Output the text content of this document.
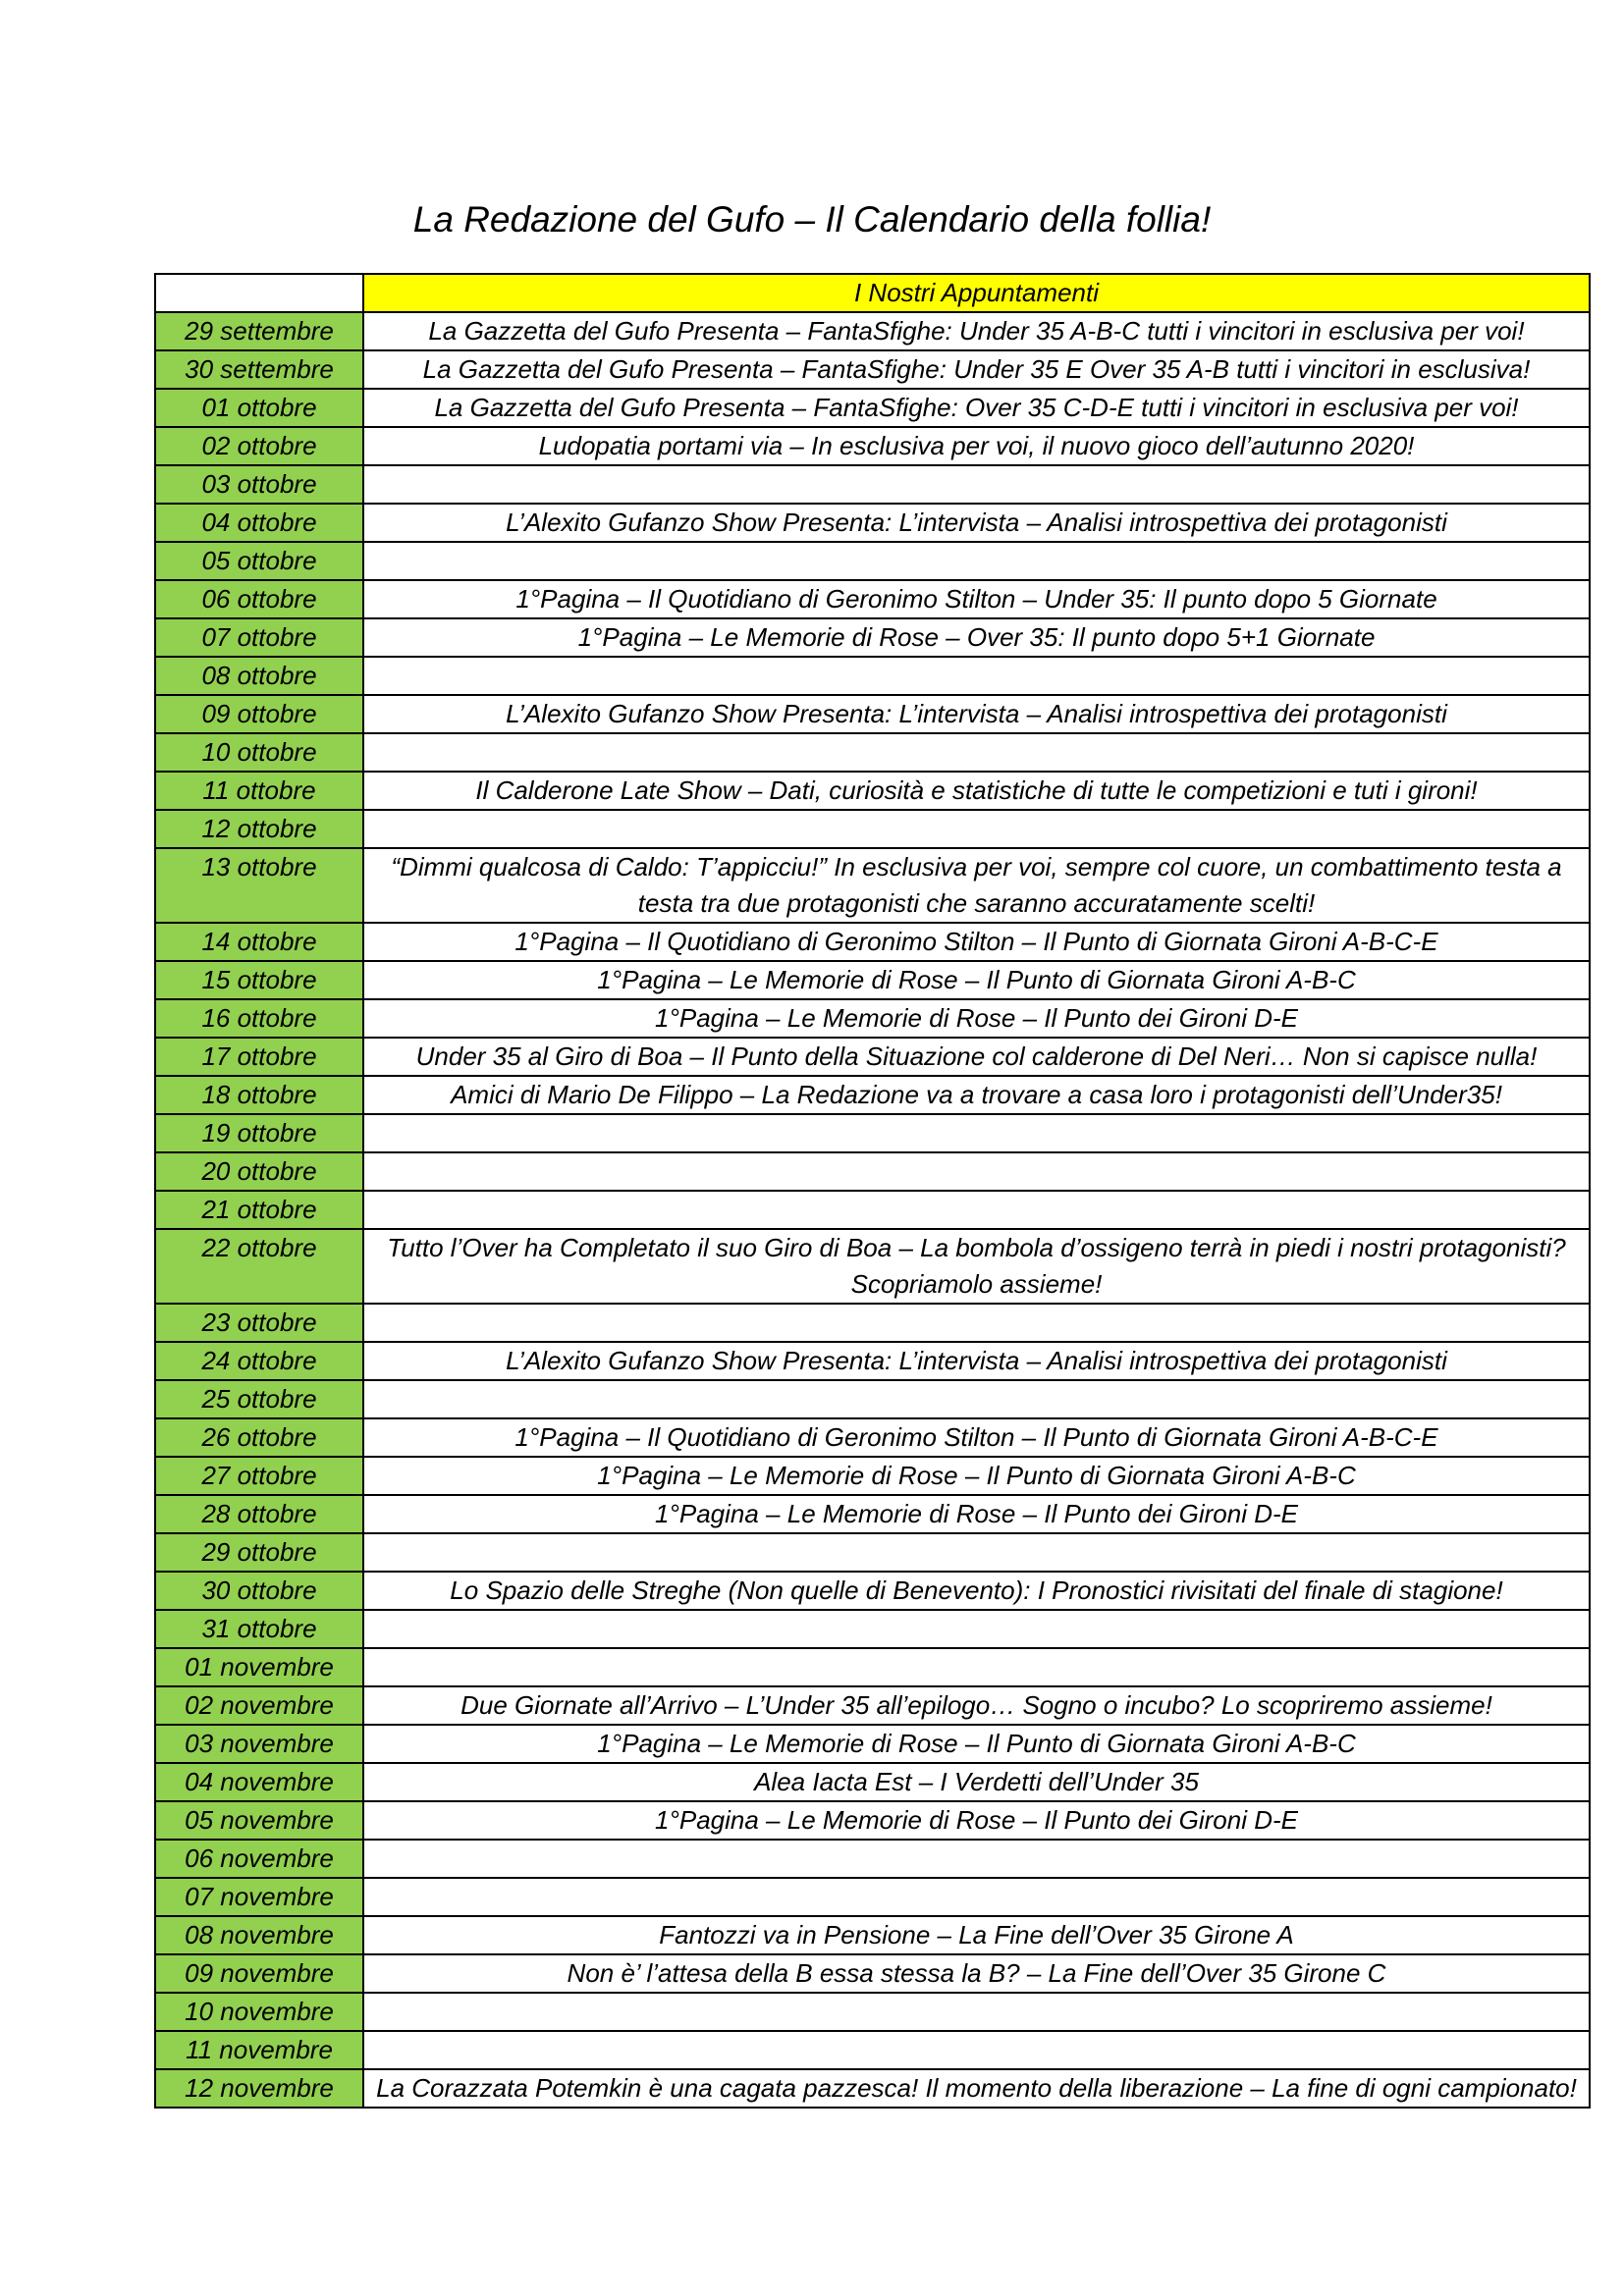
La Redazione del Gufo – Il Calendario della follia!
	I Nostri Appuntamenti
29 settembre	La Gazzetta del Gufo Presenta – FantaSfighe: Under 35 A-B-C tutti i vincitori in esclusiva per voi!
30 settembre	La Gazzetta del Gufo Presenta – FantaSfighe: Under 35 E Over 35 A-B tutti i vincitori in esclusiva!
01 ottobre	La Gazzetta del Gufo Presenta – FantaSfighe: Over 35 C-D-E tutti i vincitori in esclusiva per voi!
02 ottobre	Ludopatia portami via – In esclusiva per voi, il nuovo gioco dell’autunno 2020!
03 ottobre	
04 ottobre	L’Alexito Gufanzo Show Presenta: L’intervista – Analisi introspettiva dei protagonisti
05 ottobre	
06 ottobre	1°Pagina – Il Quotidiano di Geronimo Stilton – Under 35: Il punto dopo 5 Giornate
07 ottobre	1°Pagina – Le Memorie di Rose – Over 35: Il punto dopo 5+1 Giornate
08 ottobre	
09 ottobre	L’Alexito Gufanzo Show Presenta: L’intervista – Analisi introspettiva dei protagonisti
10 ottobre	
11 ottobre	Il Calderone Late Show – Dati, curiosità e statistiche di tutte le competizioni e tuti i gironi!
12 ottobre	
13 ottobre	“Dimmi qualcosa di Caldo: T’appicciu!” In esclusiva per voi, sempre col cuore, un combattimento testa a testa tra due protagonisti che saranno accuratamente scelti!
14 ottobre	1°Pagina – Il Quotidiano di Geronimo Stilton – Il Punto di Giornata Gironi A-B-C-E
15 ottobre	1°Pagina – Le Memorie di Rose – Il Punto di Giornata Gironi A-B-C
16 ottobre	1°Pagina – Le Memorie di Rose – Il Punto dei Gironi D-E
17 ottobre	Under 35 al Giro di Boa – Il Punto della Situazione col calderone di Del Neri… Non si capisce nulla!
18 ottobre	Amici di Mario De Filippo – La Redazione va a trovare a casa loro i protagonisti dell’Under35!
19 ottobre	
20 ottobre	
21 ottobre	
22 ottobre	Tutto l’Over ha Completato il suo Giro di Boa – La bombola d’ossigeno terrà in piedi i nostri protagonisti? Scopriamolo assieme!
23 ottobre	
24 ottobre	L’Alexito Gufanzo Show Presenta: L’intervista – Analisi introspettiva dei protagonisti
25 ottobre	
26 ottobre	1°Pagina – Il Quotidiano di Geronimo Stilton – Il Punto di Giornata Gironi A-B-C-E
27 ottobre	1°Pagina – Le Memorie di Rose – Il Punto di Giornata Gironi A-B-C
28 ottobre	1°Pagina – Le Memorie di Rose – Il Punto dei Gironi D-E
29 ottobre	
30 ottobre	Lo Spazio delle Streghe (Non quelle di Benevento): I Pronostici rivisitati del finale di stagione!
31 ottobre	
01 novembre	
02 novembre	Due Giornate all’Arrivo – L’Under 35 all’epilogo… Sogno o incubo? Lo scopriremo assieme!
03 novembre	1°Pagina – Le Memorie di Rose – Il Punto di Giornata Gironi A-B-C
04 novembre	Alea Iacta Est – I Verdetti dell’Under 35
05 novembre	1°Pagina – Le Memorie di Rose – Il Punto dei Gironi D-E
06 novembre	
07 novembre	
08 novembre	Fantozzi va in Pensione – La Fine dell’Over 35 Girone A
09 novembre	Non è’ l’attesa della B essa stessa la B? – La Fine dell’Over 35 Girone C
10 novembre	
11 novembre	
12 novembre	La Corazzata Potemkin è una cagata pazzesca! Il momento della liberazione – La fine di ogni campionato!
